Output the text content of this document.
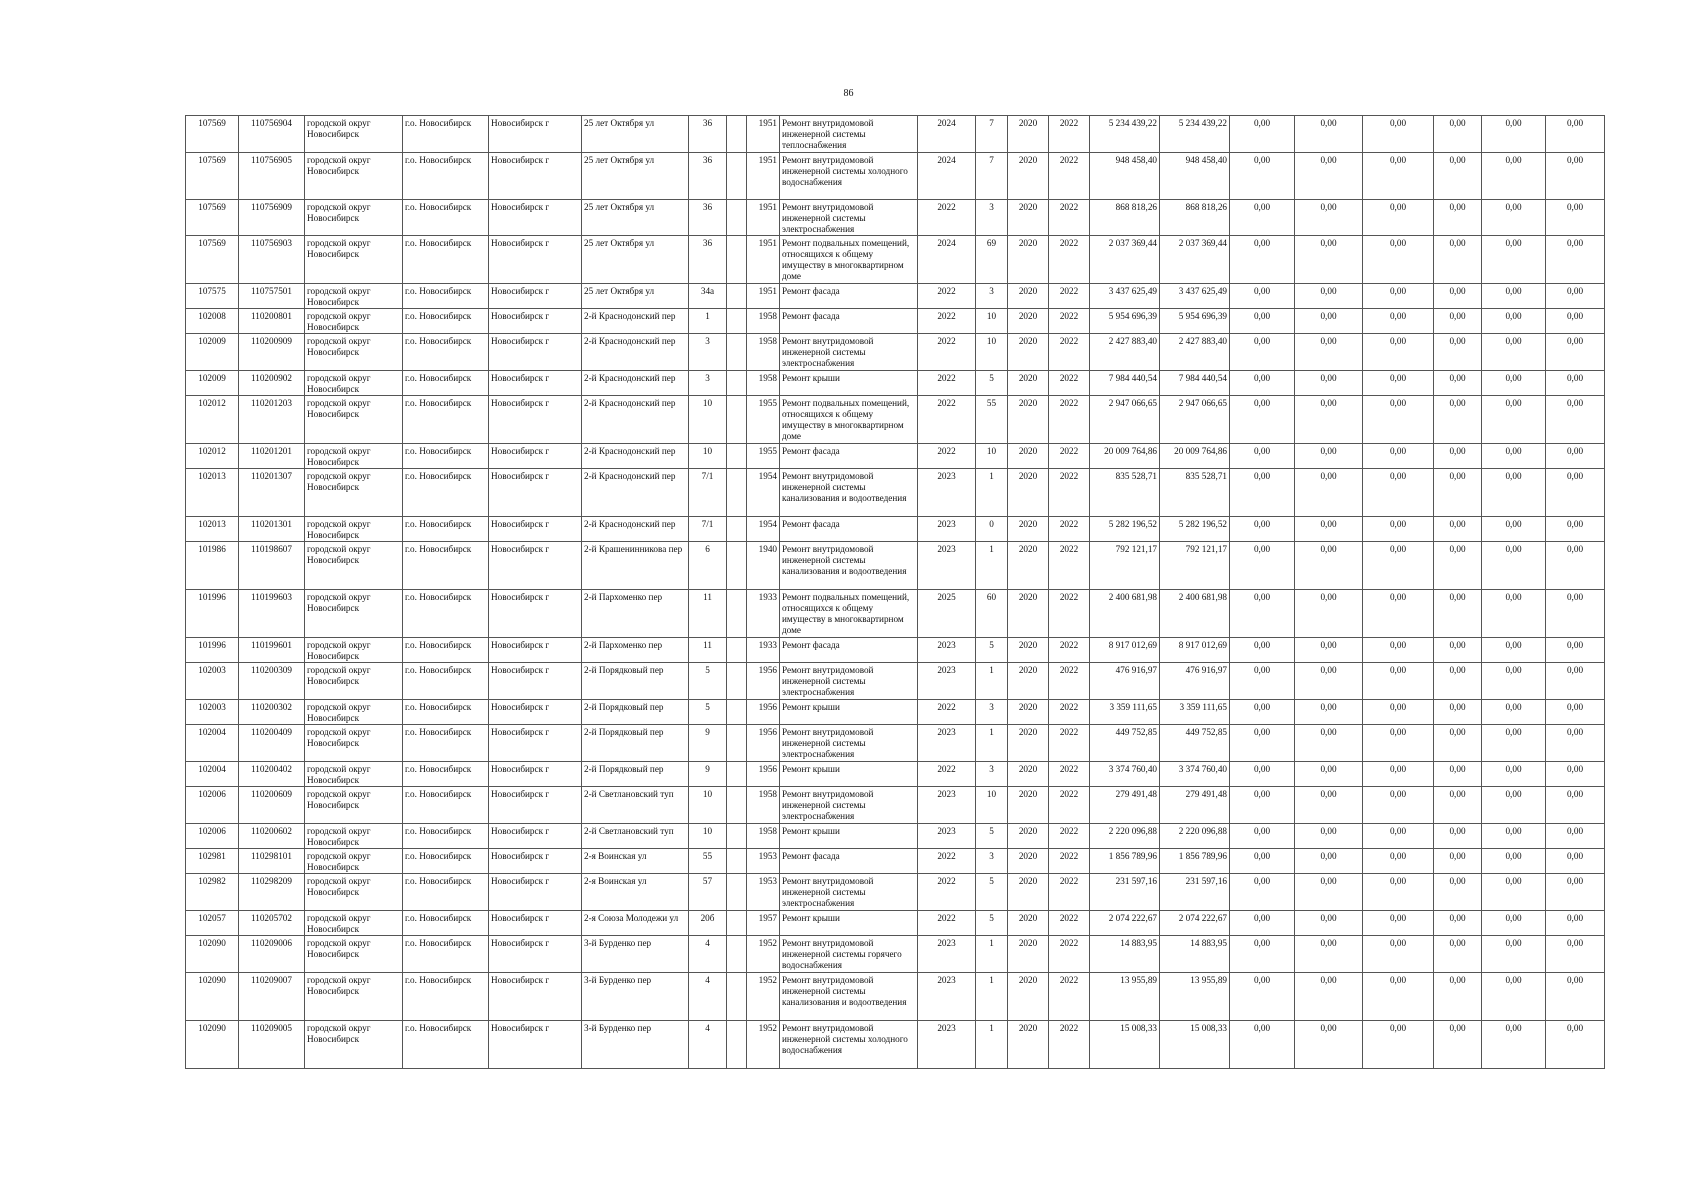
86
107569	110756904	городской округ Новосибирск	г.о. Новосибирск	Новосибирск г	25 лет Октября ул	36		1951	Ремонт внутридомовой инженерной системы теплоснабжения	2024	7	2020	2022	5 234 439,22	5 234 439,22	0,00	0,00	0,00	0,00	0,00	0,00
107569	110756905	городской округ Новосибирск	г.о. Новосибирск	Новосибирск г	25 лет Октября ул	36		1951	Ремонт внутридомовой инженерной системы холодного водоснабжения	2024	7	2020	2022	948 458,40	948 458,40	0,00	0,00	0,00	0,00	0,00	0,00
107569	110756909	городской округ Новосибирск	г.о. Новосибирск	Новосибирск г	25 лет Октября ул	36		1951	Ремонт внутридомовой инженерной системы электроснабжения	2022	3	2020	2022	868 818,26	868 818,26	0,00	0,00	0,00	0,00	0,00	0,00
107569	110756903	городской округ Новосибирск	г.о. Новосибирск	Новосибирск г	25 лет Октября ул	36		1951	Ремонт подвальных помещений, относящихся к общему имуществу в многоквартирном доме	2024	69	2020	2022	2 037 369,44	2 037 369,44	0,00	0,00	0,00	0,00	0,00	0,00
107575	110757501	городской округ Новосибирск	г.о. Новосибирск	Новосибирск г	25 лет Октября ул	34а		1951	Ремонт фасада	2022	3	2020	2022	3 437 625,49	3 437 625,49	0,00	0,00	0,00	0,00	0,00	0,00
102008	110200801	городской округ Новосибирск	г.о. Новосибирск	Новосибирск г	2-й Краснодонский пер	1		1958	Ремонт фасада	2022	10	2020	2022	5 954 696,39	5 954 696,39	0,00	0,00	0,00	0,00	0,00	0,00
102009	110200909	городской округ Новосибирск	г.о. Новосибирск	Новосибирск г	2-й Краснодонский пер	3		1958	Ремонт внутридомовой инженерной системы электроснабжения	2022	10	2020	2022	2 427 883,40	2 427 883,40	0,00	0,00	0,00	0,00	0,00	0,00
102009	110200902	городской округ Новосибирск	г.о. Новосибирск	Новосибирск г	2-й Краснодонский пер	3		1958	Ремонт крыши	2022	5	2020	2022	7 984 440,54	7 984 440,54	0,00	0,00	0,00	0,00	0,00	0,00
102012	110201203	городской округ Новосибирск	г.о. Новосибирск	Новосибирск г	2-й Краснодонский пер	10		1955	Ремонт подвальных помещений, относящихся к общему имуществу в многоквартирном доме	2022	55	2020	2022	2 947 066,65	2 947 066,65	0,00	0,00	0,00	0,00	0,00	0,00
102012	110201201	городской округ Новосибирск	г.о. Новосибирск	Новосибирск г	2-й Краснодонский пер	10		1955	Ремонт фасада	2022	10	2020	2022	20 009 764,86	20 009 764,86	0,00	0,00	0,00	0,00	0,00	0,00
102013	110201307	городской округ Новосибирск	г.о. Новосибирск	Новосибирск г	2-й Краснодонский пер	7/1		1954	Ремонт внутридомовой инженерной системы канализования и водоотведения	2023	1	2020	2022	835 528,71	835 528,71	0,00	0,00	0,00	0,00	0,00	0,00
102013	110201301	городской округ Новосибирск	г.о. Новосибирск	Новосибирск г	2-й Краснодонский пер	7/1		1954	Ремонт фасада	2023	0	2020	2022	5 282 196,52	5 282 196,52	0,00	0,00	0,00	0,00	0,00	0,00
101986	110198607	городской округ Новосибирск	г.о. Новосибирск	Новосибирск г	2-й Крашенинникова пер	6		1940	Ремонт внутридомовой инженерной системы канализования и водоотведения	2023	1	2020	2022	792 121,17	792 121,17	0,00	0,00	0,00	0,00	0,00	0,00
101996	110199603	городской округ Новосибирск	г.о. Новосибирск	Новосибирск г	2-й Пархоменко пер	11		1933	Ремонт подвальных помещений, относящихся к общему имуществу в многоквартирном доме	2025	60	2020	2022	2 400 681,98	2 400 681,98	0,00	0,00	0,00	0,00	0,00	0,00
101996	110199601	городской округ Новосибирск	г.о. Новосибирск	Новосибирск г	2-й Пархоменко пер	11		1933	Ремонт фасада	2023	5	2020	2022	8 917 012,69	8 917 012,69	0,00	0,00	0,00	0,00	0,00	0,00
102003	110200309	городской округ Новосибирск	г.о. Новосибирск	Новосибирск г	2-й Порядковый пер	5		1956	Ремонт внутридомовой инженерной системы электроснабжения	2023	1	2020	2022	476 916,97	476 916,97	0,00	0,00	0,00	0,00	0,00	0,00
102003	110200302	городской округ Новосибирск	г.о. Новосибирск	Новосибирск г	2-й Порядковый пер	5		1956	Ремонт крыши	2022	3	2020	2022	3 359 111,65	3 359 111,65	0,00	0,00	0,00	0,00	0,00	0,00
102004	110200409	городской округ Новосибирск	г.о. Новосибирск	Новосибирск г	2-й Порядковый пер	9		1956	Ремонт внутридомовой инженерной системы электроснабжения	2023	1	2020	2022	449 752,85	449 752,85	0,00	0,00	0,00	0,00	0,00	0,00
102004	110200402	городской округ Новосибирск	г.о. Новосибирск	Новосибирск г	2-й Порядковый пер	9		1956	Ремонт крыши	2022	3	2020	2022	3 374 760,40	3 374 760,40	0,00	0,00	0,00	0,00	0,00	0,00
102006	110200609	городской округ Новосибирск	г.о. Новосибирск	Новосибирск г	2-й Светлановский туп	10		1958	Ремонт внутридомовой инженерной системы электроснабжения	2023	10	2020	2022	279 491,48	279 491,48	0,00	0,00	0,00	0,00	0,00	0,00
102006	110200602	городской округ Новосибирск	г.о. Новосибирск	Новосибирск г	2-й Светлановский туп	10		1958	Ремонт крыши	2023	5	2020	2022	2 220 096,88	2 220 096,88	0,00	0,00	0,00	0,00	0,00	0,00
102981	110298101	городской округ Новосибирск	г.о. Новосибирск	Новосибирск г	2-я Воинская ул	55		1953	Ремонт фасада	2022	3	2020	2022	1 856 789,96	1 856 789,96	0,00	0,00	0,00	0,00	0,00	0,00
102982	110298209	городской округ Новосибирск	г.о. Новосибирск	Новосибирск г	2-я Воинская ул	57		1953	Ремонт внутридомовой инженерной системы электроснабжения	2022	5	2020	2022	231 597,16	231 597,16	0,00	0,00	0,00	0,00	0,00	0,00
102057	110205702	городской округ Новосибирск	г.о. Новосибирск	Новосибирск г	2-я Союза Молодежи ул	20б		1957	Ремонт крыши	2022	5	2020	2022	2 074 222,67	2 074 222,67	0,00	0,00	0,00	0,00	0,00	0,00
102090	110209006	городской округ Новосибирск	г.о. Новосибирск	Новосибирск г	3-й Бурденко пер	4		1952	Ремонт внутридомовой инженерной системы горячего водоснабжения	2023	1	2020	2022	14 883,95	14 883,95	0,00	0,00	0,00	0,00	0,00	0,00
102090	110209007	городской округ Новосибирск	г.о. Новосибирск	Новосибирск г	3-й Бурденко пер	4		1952	Ремонт внутридомовой инженерной системы канализования и водоотведения	2023	1	2020	2022	13 955,89	13 955,89	0,00	0,00	0,00	0,00	0,00	0,00
102090	110209005	городской округ Новосибирск	г.о. Новосибирск	Новосибирск г	3-й Бурденко пер	4		1952	Ремонт внутридомовой инженерной системы холодного водоснабжения	2023	1	2020	2022	15 008,33	15 008,33	0,00	0,00	0,00	0,00	0,00	0,00
